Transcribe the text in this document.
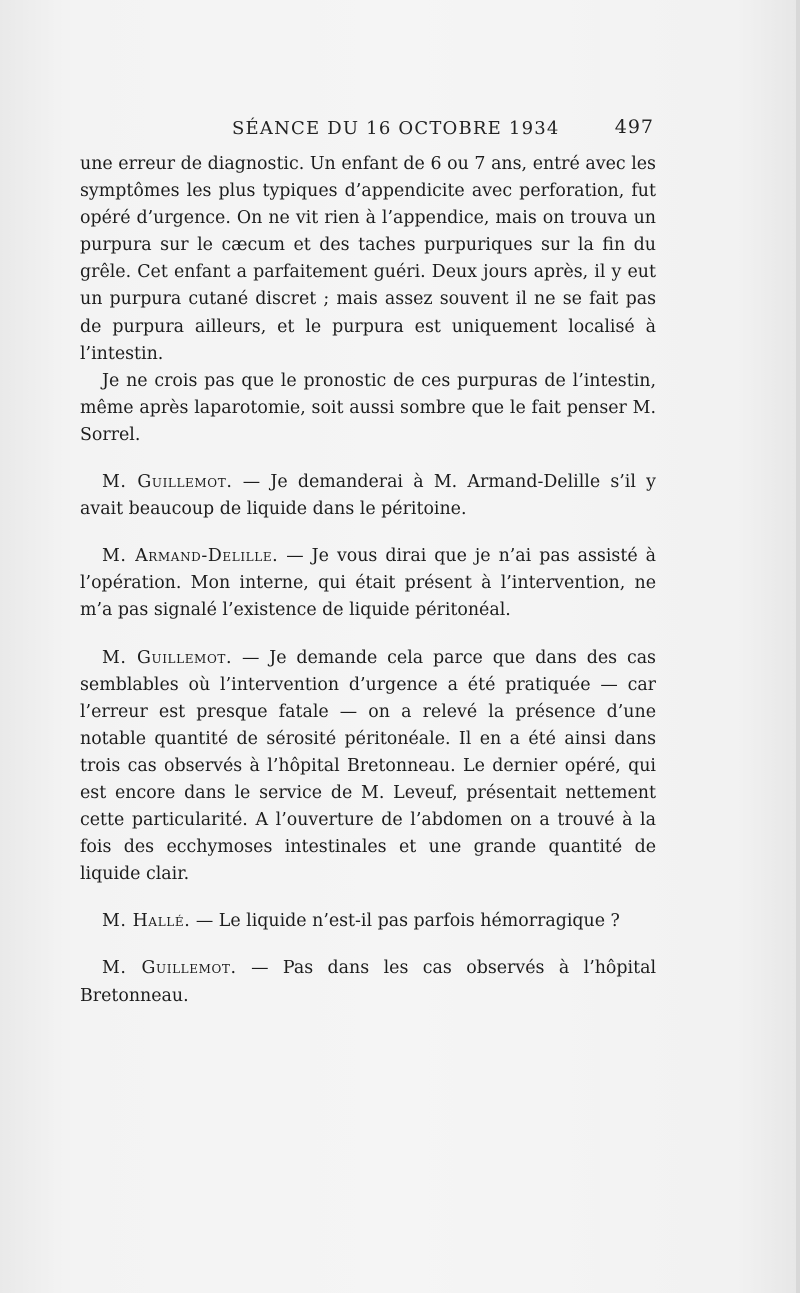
SÉANCE DU 16 OCTOBRE 1934	497

une erreur de diagnostic. Un enfant de 6 ou 7 ans, entré avec les symptômes les plus typiques d’appendicite avec perforation, fut opéré d’urgence. On ne vit rien à l’appendice, mais on trouva un purpura sur le cæcum et des taches purpuriques sur la fin du grêle. Cet enfant a parfaitement guéri. Deux jours après, il y eut un purpura cutané discret ; mais assez souvent il ne se fait pas de purpura ailleurs, et le purpura est uniquement localisé à l’intestin.

Je ne crois pas que le pronostic de ces purpuras de l’intestin, même après laparotomie, soit aussi sombre que le fait penser M. Sorrel.

M. Guillemot. — Je demanderai à M. Armand-Delille s’il y avait beaucoup de liquide dans le péritoine.

M. Armand-Delille. — Je vous dirai que je n’ai pas assisté à l’opération. Mon interne, qui était présent à l’intervention, ne m’a pas signalé l’existence de liquide péritonéal.

M. Guillemot. — Je demande cela parce que dans des cas semblables où l’intervention d’urgence a été pratiquée — car l’erreur est presque fatale — on a relevé la présence d’une notable quantité de sérosité péritonéale. Il en a été ainsi dans trois cas observés à l’hôpital Bretonneau. Le dernier opéré, qui est encore dans le service de M. Leveuf, présentait nettement cette particularité. A l’ouverture de l’abdomen on a trouvé à la fois des ecchymoses intestinales et une grande quantité de liquide clair.

M. Hallé. — Le liquide n’est-il pas parfois hémorragique ?

M. Guillemot. — Pas dans les cas observés à l’hôpital Bretonneau.
